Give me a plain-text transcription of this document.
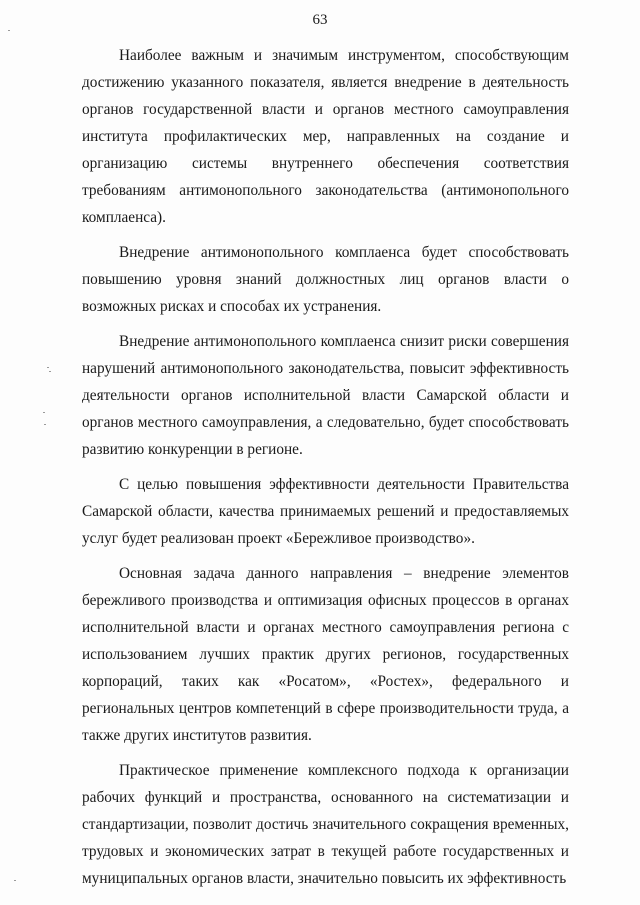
63

Наиболее важным и значимым инструментом, способствующим достижению указанного показателя, является внедрение в деятельность органов государственной власти и органов местного самоуправления института профилактических мер, направленных на создание и организацию системы внутреннего обеспечения соответствия требованиям антимонопольного законодательства (антимонопольного комплаенса).

Внедрение антимонопольного комплаенса будет способствовать повышению уровня знаний должностных лиц органов власти о возможных рисках и способах их устранения.

Внедрение антимонопольного комплаенса снизит риски совершения нарушений антимонопольного законодательства, повысит эффективность деятельности органов исполнительной власти Самарской области и органов местного самоуправления, а следовательно, будет способствовать развитию конкуренции в регионе.

С целью повышения эффективности деятельности Правительства Самарской области, качества принимаемых решений и предоставляемых услуг будет реализован проект «Бережливое производство».

Основная задача данного направления – внедрение элементов бережливого производства и оптимизация офисных процессов в органах исполнительной власти и органах местного самоуправления региона с использованием лучших практик других регионов, государственных корпораций, таких как «Росатом», «Ростех», федерального и региональных центров компетенций в сфере производительности труда, а также других институтов развития.

Практическое применение комплексного подхода к организации рабочих функций и пространства, основанного на систематизации и стандартизации, позволит достичь значительного сокращения временных, трудовых и экономических затрат в текущей работе государственных и муниципальных органов власти, значительно повысить их эффективность
